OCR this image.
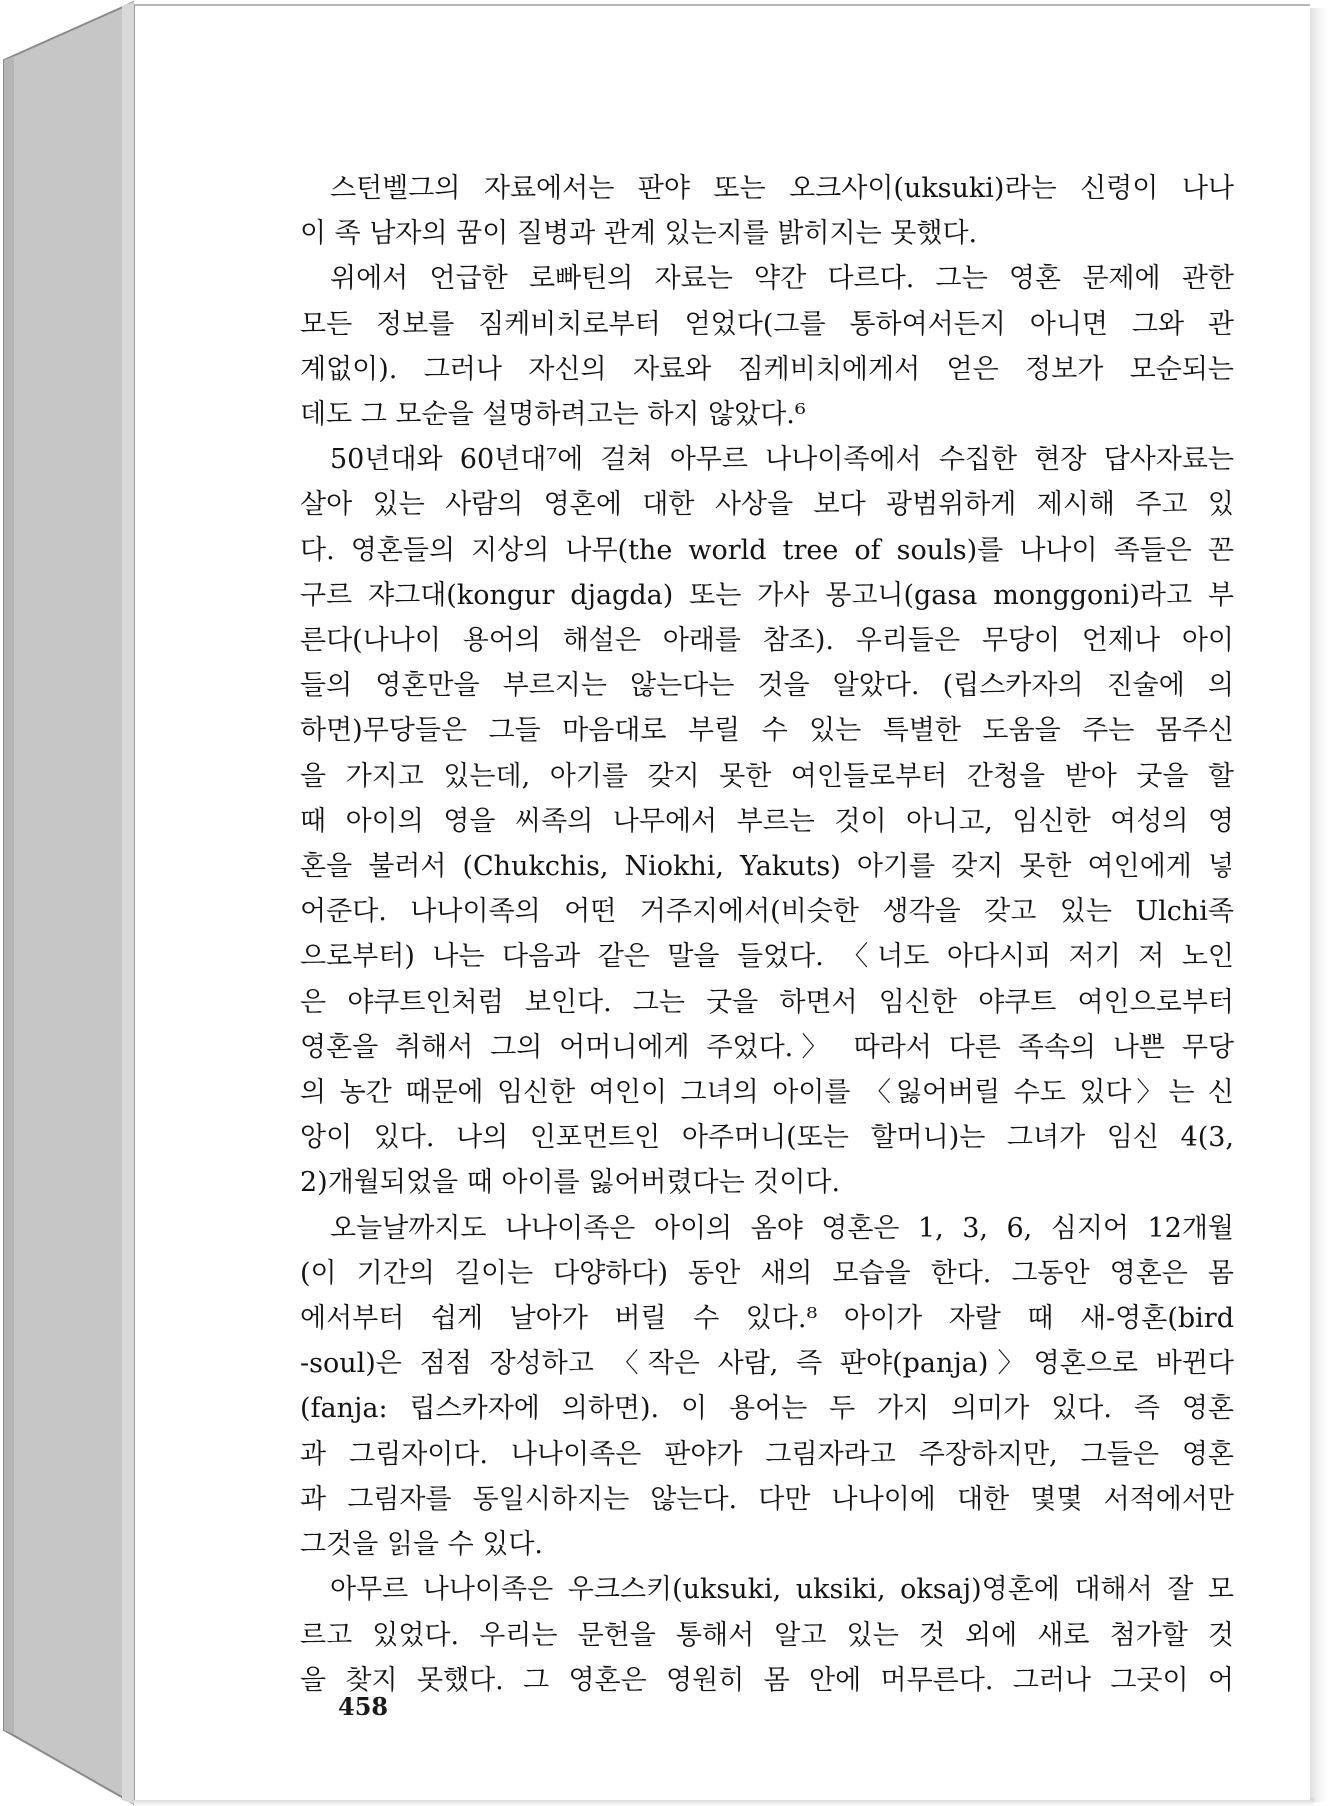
스턴벨그의 자료에서는 판야 또는 오크사이(uksuki)라는 신령이 나나
이 족 남자의 꿈이 질병과 관계 있는지를 밝히지는 못했다.

위에서 언급한 로빠틴의 자료는 약간 다르다. 그는 영혼 문제에 관한
모든 정보를 짐케비치로부터 얻었다(그를 통하여서든지 아니면 그와 관
계없이). 그러나 자신의 자료와 짐케비치에게서 얻은 정보가 모순되는
데도 그 모순을 설명하려고는 하지 않았다.⁶

50년대와 60년대⁷에 걸쳐 아무르 나나이족에서 수집한 현장 답사자료는
살아 있는 사람의 영혼에 대한 사상을 보다 광범위하게 제시해 주고 있
다. 영혼들의 지상의 나무(the world tree of souls)를 나나이 족들은 꼰
구르 쟈그대(kongur djagda) 또는 가사 몽고니(gasa monggoni)라고 부
른다(나나이 용어의 해설은 아래를 참조). 우리들은 무당이 언제나 아이
들의 영혼만을 부르지는 않는다는 것을 알았다. (립스카자의 진술에 의
하면)무당들은 그들 마음대로 부릴 수 있는 특별한 도움을 주는 몸주신
을 가지고 있는데, 아기를 갖지 못한 여인들로부터 간청을 받아 굿을 할
때 아이의 영을 씨족의 나무에서 부르는 것이 아니고, 임신한 여성의 영
혼을 불러서 (Chukchis, Niokhi, Yakuts) 아기를 갖지 못한 여인에게 넣
어준다. 나나이족의 어떤 거주지에서(비슷한 생각을 갖고 있는 Ulchi족
으로부터) 나는 다음과 같은 말을 들었다. 〈너도 아다시피 저기 저 노인
은 야쿠트인처럼 보인다. 그는 굿을 하면서 임신한 야쿠트 여인으로부터
영혼을 취해서 그의 어머니에게 주었다.〉 따라서 다른 족속의 나쁜 무당
의 농간 때문에 임신한 여인이 그녀의 아이를 〈잃어버릴 수도 있다〉는 신
앙이 있다. 나의 인포먼트인 아주머니(또는 할머니)는 그녀가 임신 4(3,
2)개월되었을 때 아이를 잃어버렸다는 것이다.

오늘날까지도 나나이족은 아이의 옴야 영혼은 1, 3, 6, 심지어 12개월
(이 기간의 길이는 다양하다) 동안 새의 모습을 한다. 그동안 영혼은 몸
에서부터 쉽게 날아가 버릴 수 있다.⁸ 아이가 자랄 때 새-영혼(bird
-soul)은 점점 장성하고 〈작은 사람, 즉 판야(panja)〉영혼으로 바뀐다
(fanja: 립스카자에 의하면). 이 용어는 두 가지 의미가 있다. 즉 영혼
과 그림자이다. 나나이족은 판야가 그림자라고 주장하지만, 그들은 영혼
과 그림자를 동일시하지는 않는다. 다만 나나이에 대한 몇몇 서적에서만
그것을 읽을 수 있다.

아무르 나나이족은 우크스키(uksuki, uksiki, oksaj)영혼에 대해서 잘 모
르고 있었다. 우리는 문헌을 통해서 알고 있는 것 외에 새로 첨가할 것
을 찾지 못했다. 그 영혼은 영원히 몸 안에 머무른다. 그러나 그곳이 어

458
